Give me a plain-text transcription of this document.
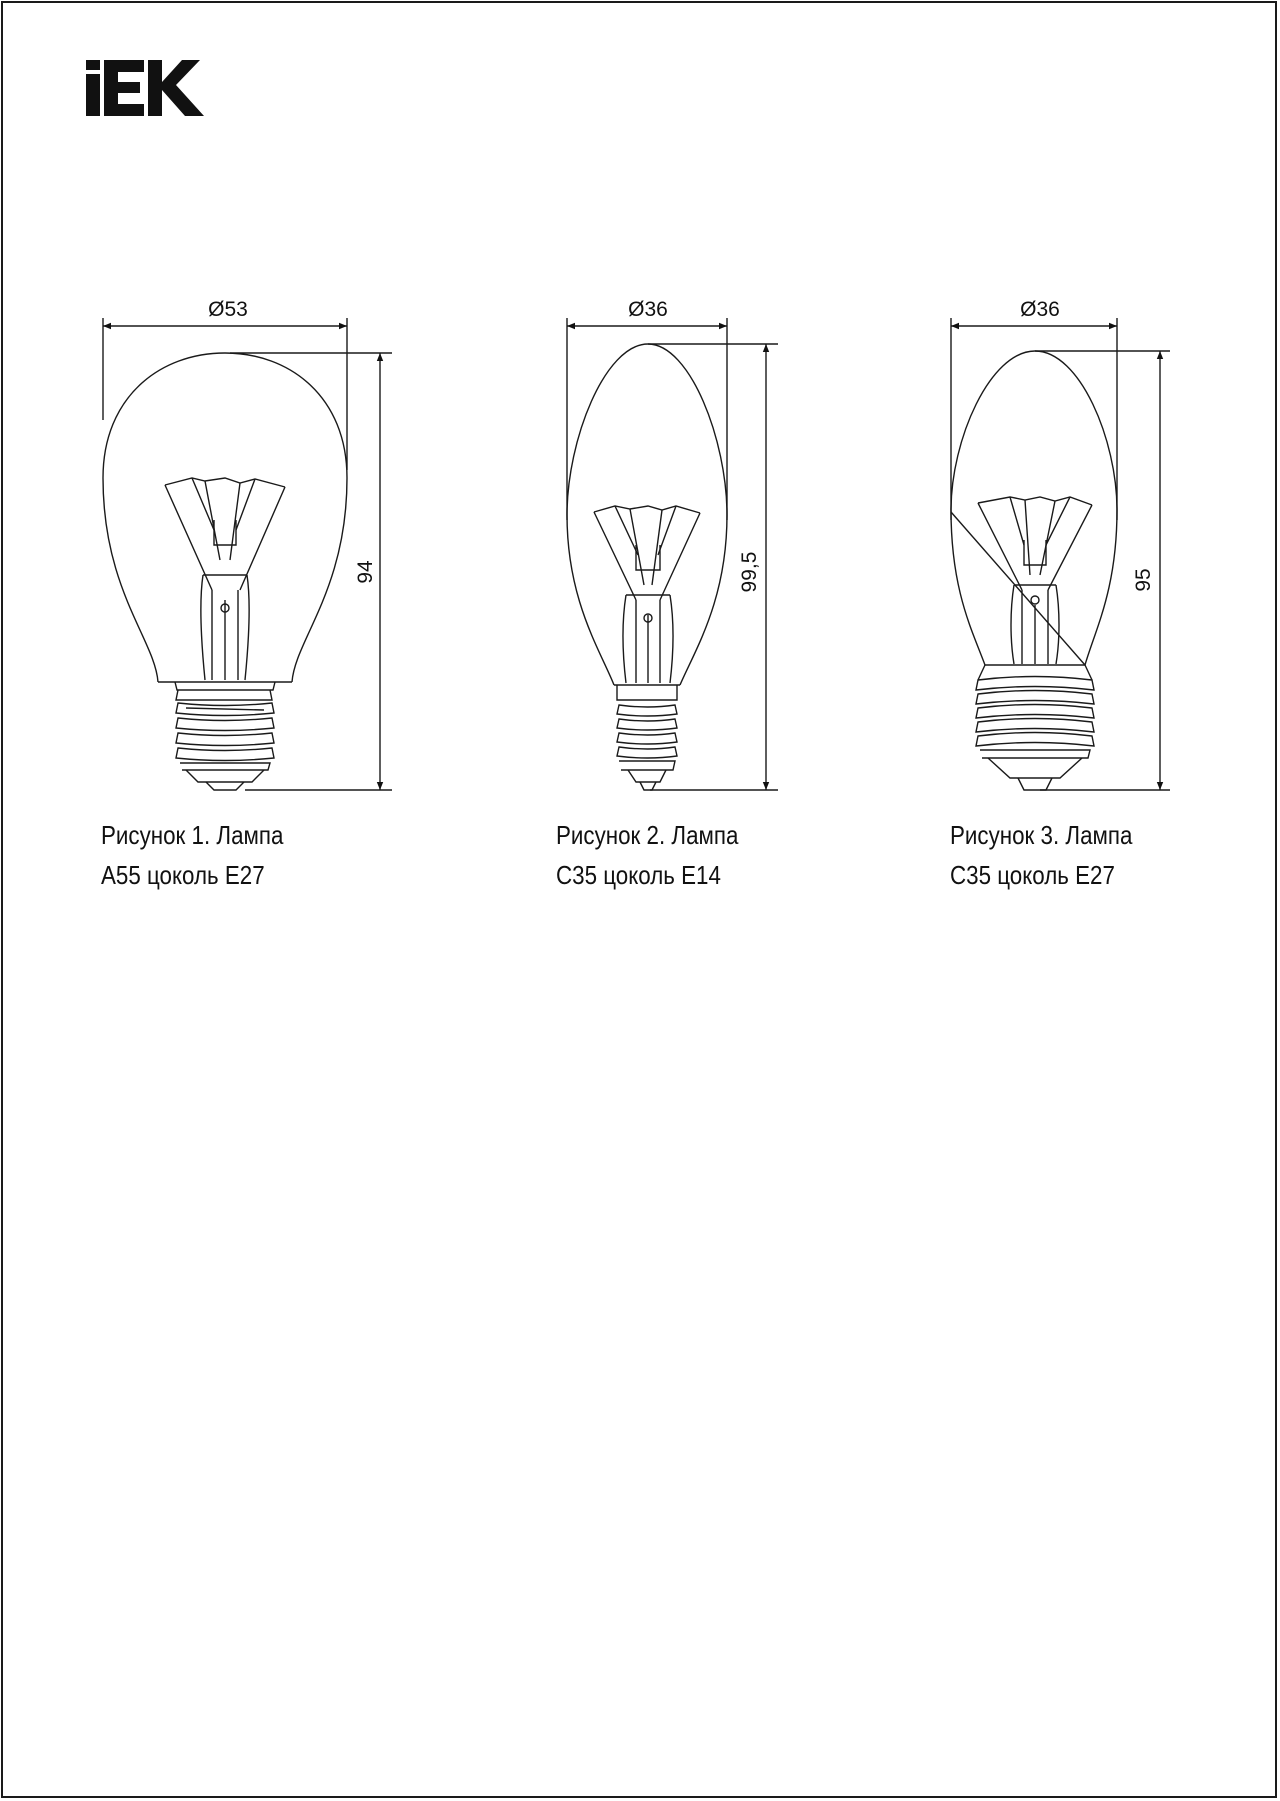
Ø53
94
Ø36
99,5
Ø36
95
Рисунок 1. Лампа
А55 цоколь Е27
Рисунок 2. Лампа
С35 цоколь Е14
Рисунок 3. Лампа
С35 цоколь Е27
